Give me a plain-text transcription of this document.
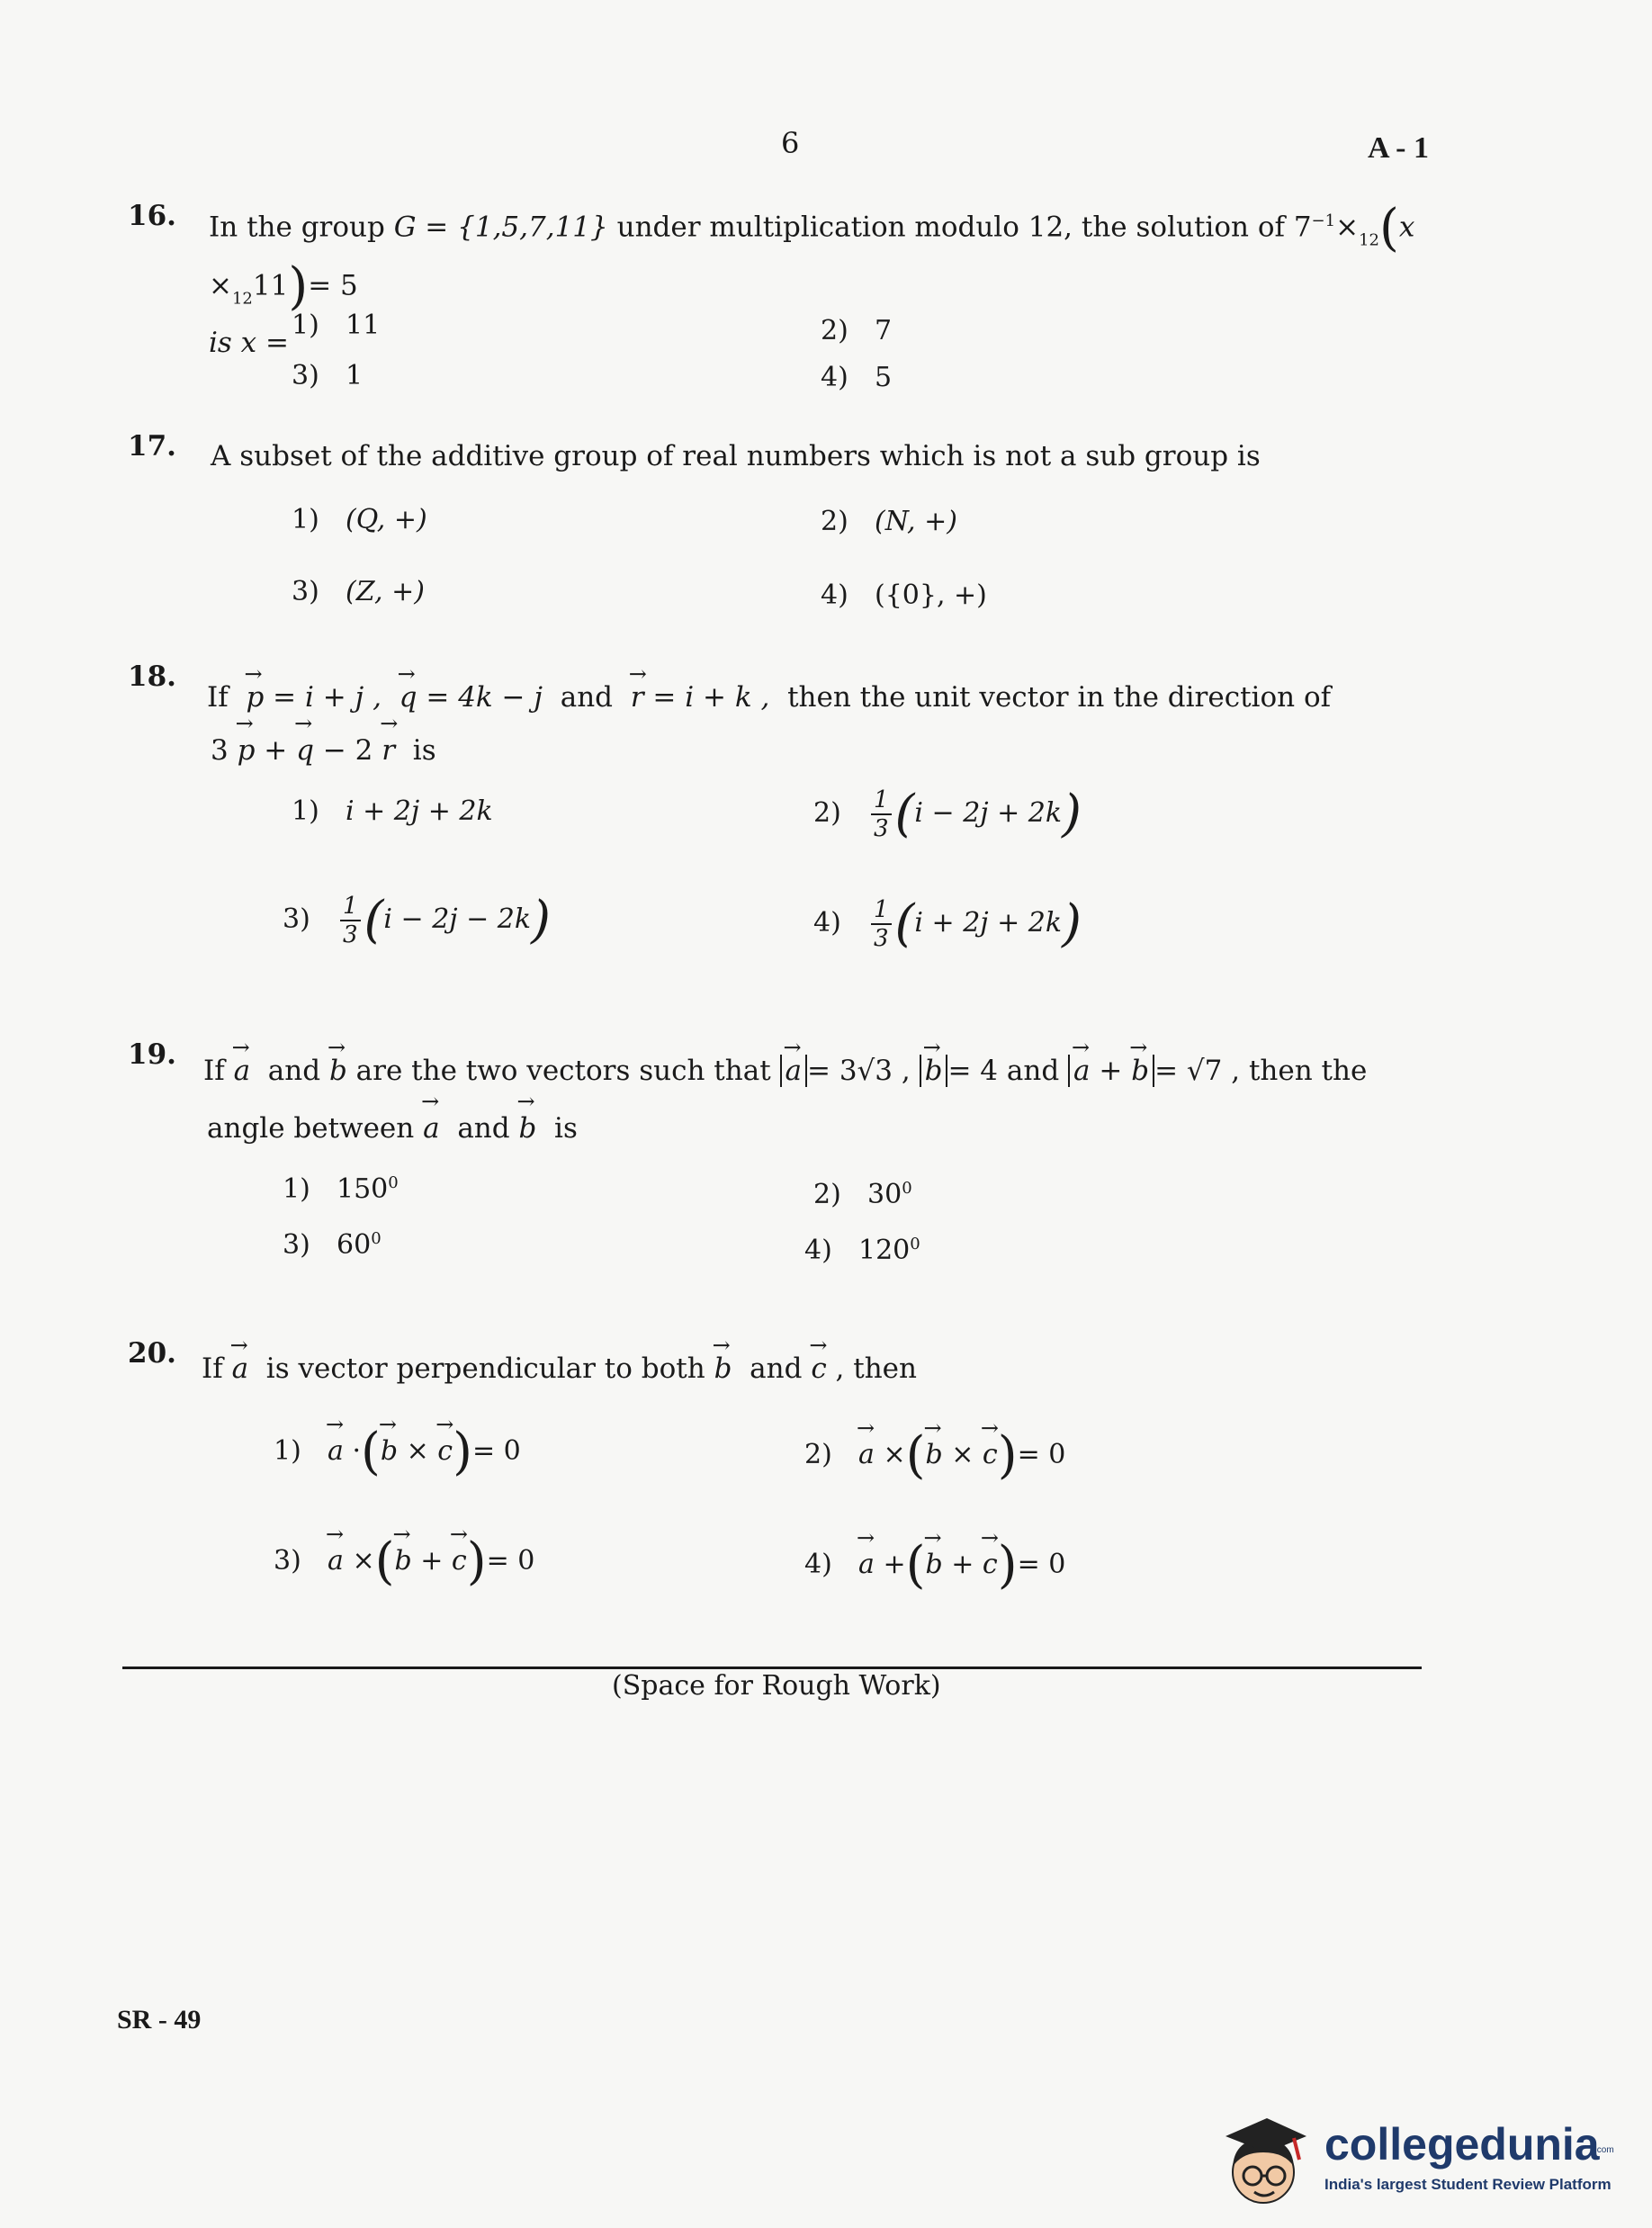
6	A - 1
16. In the group G = {1,5,7,11} under multiplication modulo 12, the solution of $7^{-1}\times_{12}(x \times_{12}11)= 5$
is x =
1) 11	2) 7
3) 1	4) 5
17. A subset of the additive group of real numbers which is not a sub group is
1) (Q, +)	2) (N, +)
3) (Z, +)	4) ({0}, +)
18.
If → p = i + j , → q = 4k − j and → r = i + k , then the unit vector in the direction of
3 → p + → q − 2 → r is
1) i + 2j + 2k	$2) \frac{1}{3} (i - 2j + 2k)$
$3) \frac{1}{3} (i - 2j - 2k)$	$4) \frac{1}{3} (i + 2j + 2k)$
19. If → a and → b are the two vectors such that → a = 3√3 , → b = 4 and → a + → b = √7 , then the
angle between → a and → b is
1) $150^0$	2) $30^0$
3) $60^0$	4) $120^0$
20. If → a is vector perpendicular to both → b and → c , then
1) → a ·(→ b × → c)= 0	2) → a ×(→ b × → c)= 0
3) → a ×(→ b + → c)= 0	4) → a +(→ b + → c)= 0
(Space for Rough Work)
SR - 49
collegedunia
.com
India's largest Student Review Platform
